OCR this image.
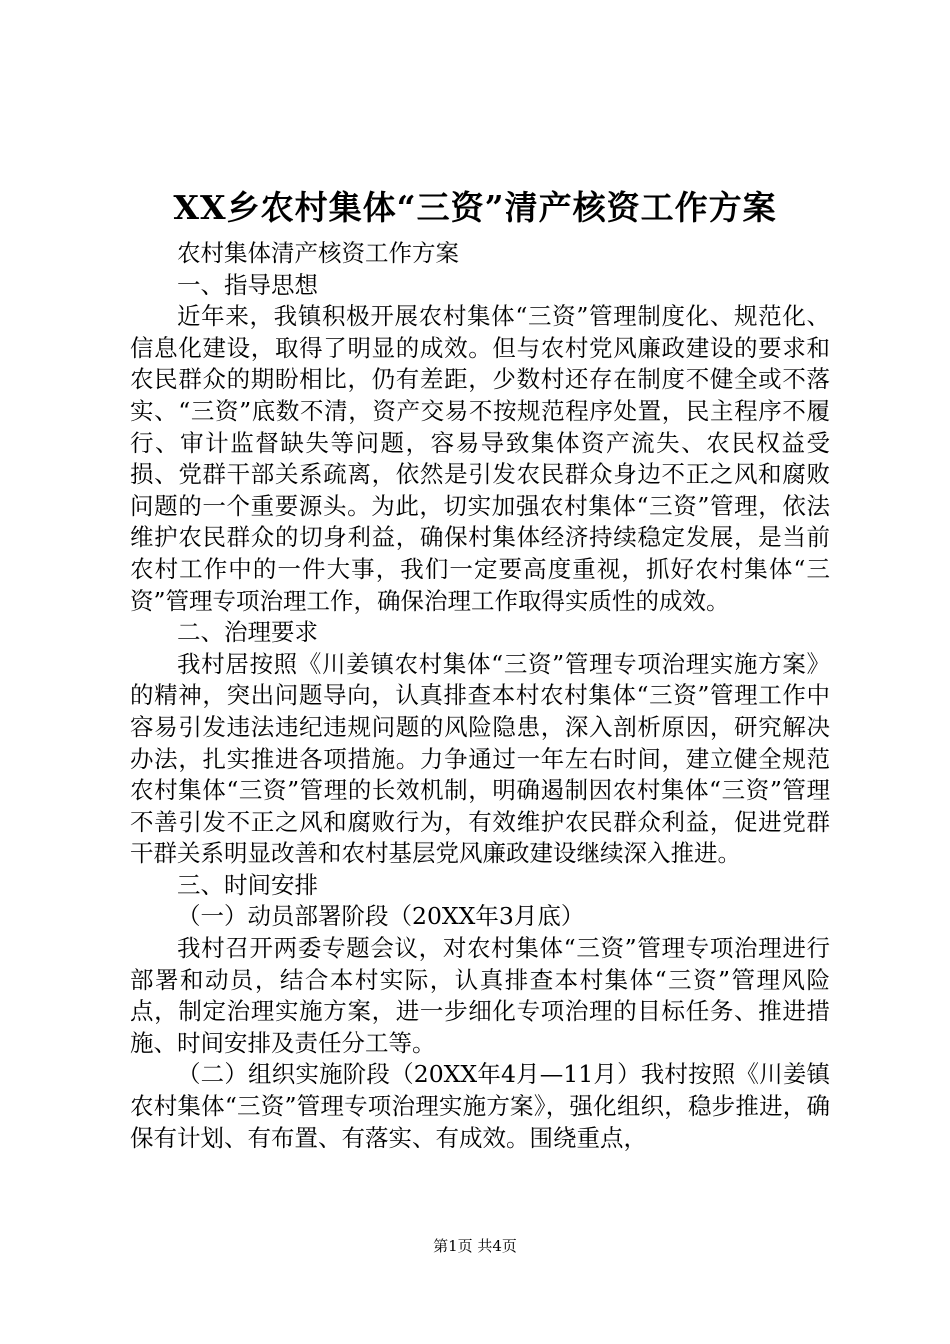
XX乡农村集体“三资”清产核资工作方案

农村集体清产核资工作方案

一、指导思想

近年来，我镇积极开展农村集体“三资”管理制度化、规范化、信息化建设，取得了明显的成效。但与农村党风廉政建设的要求和农民群众的期盼相比，仍有差距，少数村还存在制度不健全或不落实、“三资”底数不清，资产交易不按规范程序处置，民主程序不履行、审计监督缺失等问题，容易导致集体资产流失、农民权益受损、党群干部关系疏离，依然是引发农民群众身边不正之风和腐败问题的一个重要源头。为此，切实加强农村集体“三资”管理，依法维护农民群众的切身利益，确保村集体经济持续稳定发展，是当前农村工作中的一件大事，我们一定要高度重视，抓好农村集体“三资”管理专项治理工作，确保治理工作取得实质性的成效。

二、治理要求

我村居按照《川姜镇农村集体“三资”管理专项治理实施方案》的精神，突出问题导向，认真排查本村农村集体“三资”管理工作中容易引发违法违纪违规问题的风险隐患，深入剖析原因，研究解决办法，扎实推进各项措施。力争通过一年左右时间，建立健全规范农村集体“三资”管理的长效机制，明确遏制因农村集体“三资”管理不善引发不正之风和腐败行为，有效维护农民群众利益，促进党群干群关系明显改善和农村基层党风廉政建设继续深入推进。

三、时间安排

（一）动员部署阶段（20XX年3月底）

我村召开两委专题会议，对农村集体“三资”管理专项治理进行部署和动员，结合本村实际，认真排查本村集体“三资”管理风险点，制定治理实施方案，进一步细化专项治理的目标任务、推进措施、时间安排及责任分工等。

（二）组织实施阶段（20XX年4月—11月）我村按照《川姜镇农村集体“三资”管理专项治理实施方案》，强化组织，稳步推进，确保有计划、有布置、有落实、有成效。围绕重点，

第1页 共4页
